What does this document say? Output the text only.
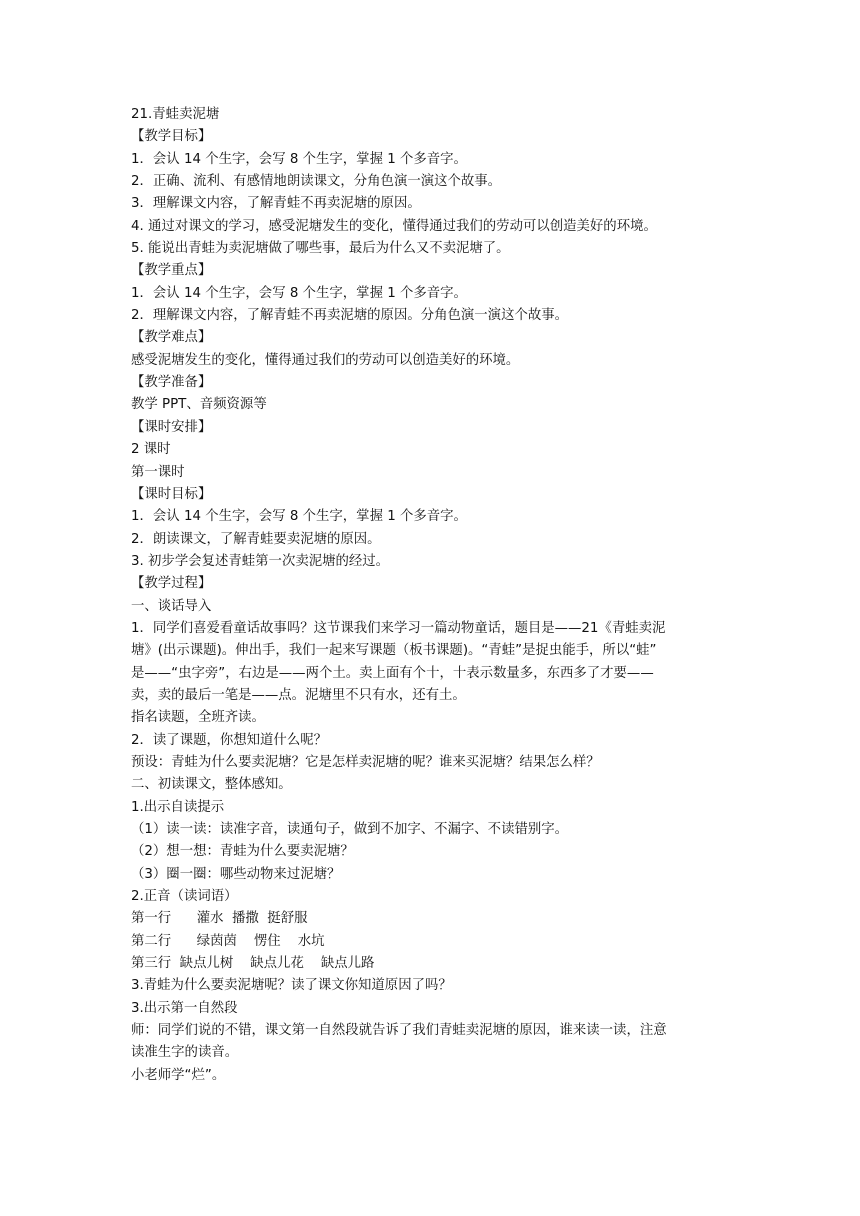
21.青蛙卖泥塘
【教学目标】
1．会认 14 个生字，会写 8 个生字，掌握 1 个多音字。
2．正确、流利、有感情地朗读课文，分角色演一演这个故事。
3．理解课文内容，了解青蛙不再卖泥塘的原因。
4. 通过对课文的学习，感受泥塘发生的变化，懂得通过我们的劳动可以创造美好的环境。
5. 能说出青蛙为卖泥塘做了哪些事，最后为什么又不卖泥塘了。
【教学重点】
1．会认 14 个生字，会写 8 个生字，掌握 1 个多音字。
2．理解课文内容，了解青蛙不再卖泥塘的原因。分角色演一演这个故事。
【教学难点】
感受泥塘发生的变化，懂得通过我们的劳动可以创造美好的环境。
【教学准备】
教学 PPT、音频资源等
【课时安排】
2 课时
第一课时
【课时目标】
1．会认 14 个生字，会写 8 个生字，掌握 1 个多音字。
2．朗读课文，了解青蛙要卖泥塘的原因。
3. 初步学会复述青蛙第一次卖泥塘的经过。
【教学过程】
一、谈话导入
1．同学们喜爱看童话故事吗？这节课我们来学习一篇动物童话，题目是——21《青蛙卖泥
塘》(出示课题)。伸出手，我们一起来写课题（板书课题)。“青蛙”是捉虫能手，所以“蛙”
是——“虫字旁”，右边是——两个土。卖上面有个十，十表示数量多，东西多了才要——
卖，卖的最后一笔是——点。泥塘里不只有水，还有土。
指名读题，全班齐读。
2．读了课题，你想知道什么呢？
预设：青蛙为什么要卖泥塘？它是怎样卖泥塘的呢？谁来买泥塘？结果怎么样？
二、初读课文，整体感知。
1.出示自读提示
（1）读一读：读准字音，读通句子，做到不加字、不漏字、不读错别字。
（2）想一想：青蛙为什么要卖泥塘？
（3）圈一圈：哪些动物来过泥塘？
2.正音（读词语）
第一行      灌水  播撒  挺舒服
第二行      绿茵茵    愣住    水坑
第三行  缺点儿树    缺点儿花    缺点儿路
3.青蛙为什么要卖泥塘呢？读了课文你知道原因了吗？
3.出示第一自然段
师：同学们说的不错，课文第一自然段就告诉了我们青蛙卖泥塘的原因，谁来读一读，注意
读准生字的读音。
小老师学“烂”。
